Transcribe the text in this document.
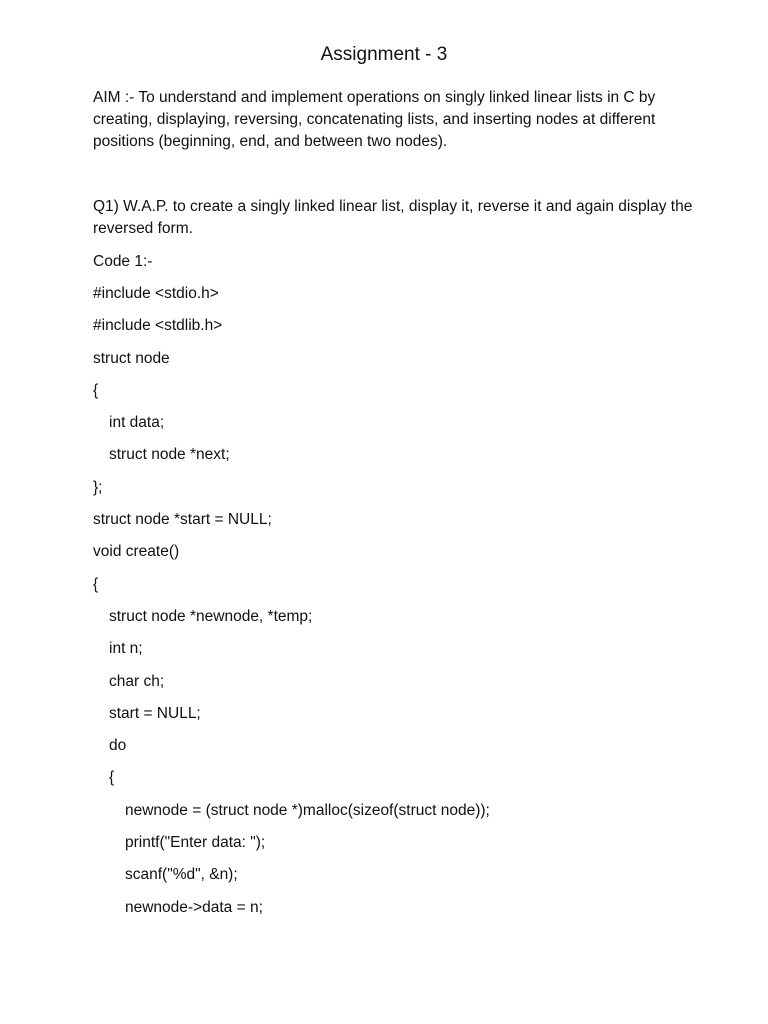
Assignment - 3

AIM :- To understand and implement operations on singly linked linear lists in C by creating, displaying, reversing, concatenating lists, and inserting nodes at different positions (beginning, end, and between two nodes).

Q1) W.A.P. to create a singly linked linear list, display it, reverse it and again display the reversed form.

Code 1:-
#include <stdio.h>
#include <stdlib.h>
struct node
{
int data;
struct node *next;
};
struct node *start = NULL;
void create()
{
struct node *newnode, *temp;
int n;
char ch;
start = NULL;
do
{
newnode = (struct node *)malloc(sizeof(struct node));
printf("Enter data: ");
scanf("%d", &n);
newnode->data = n;
